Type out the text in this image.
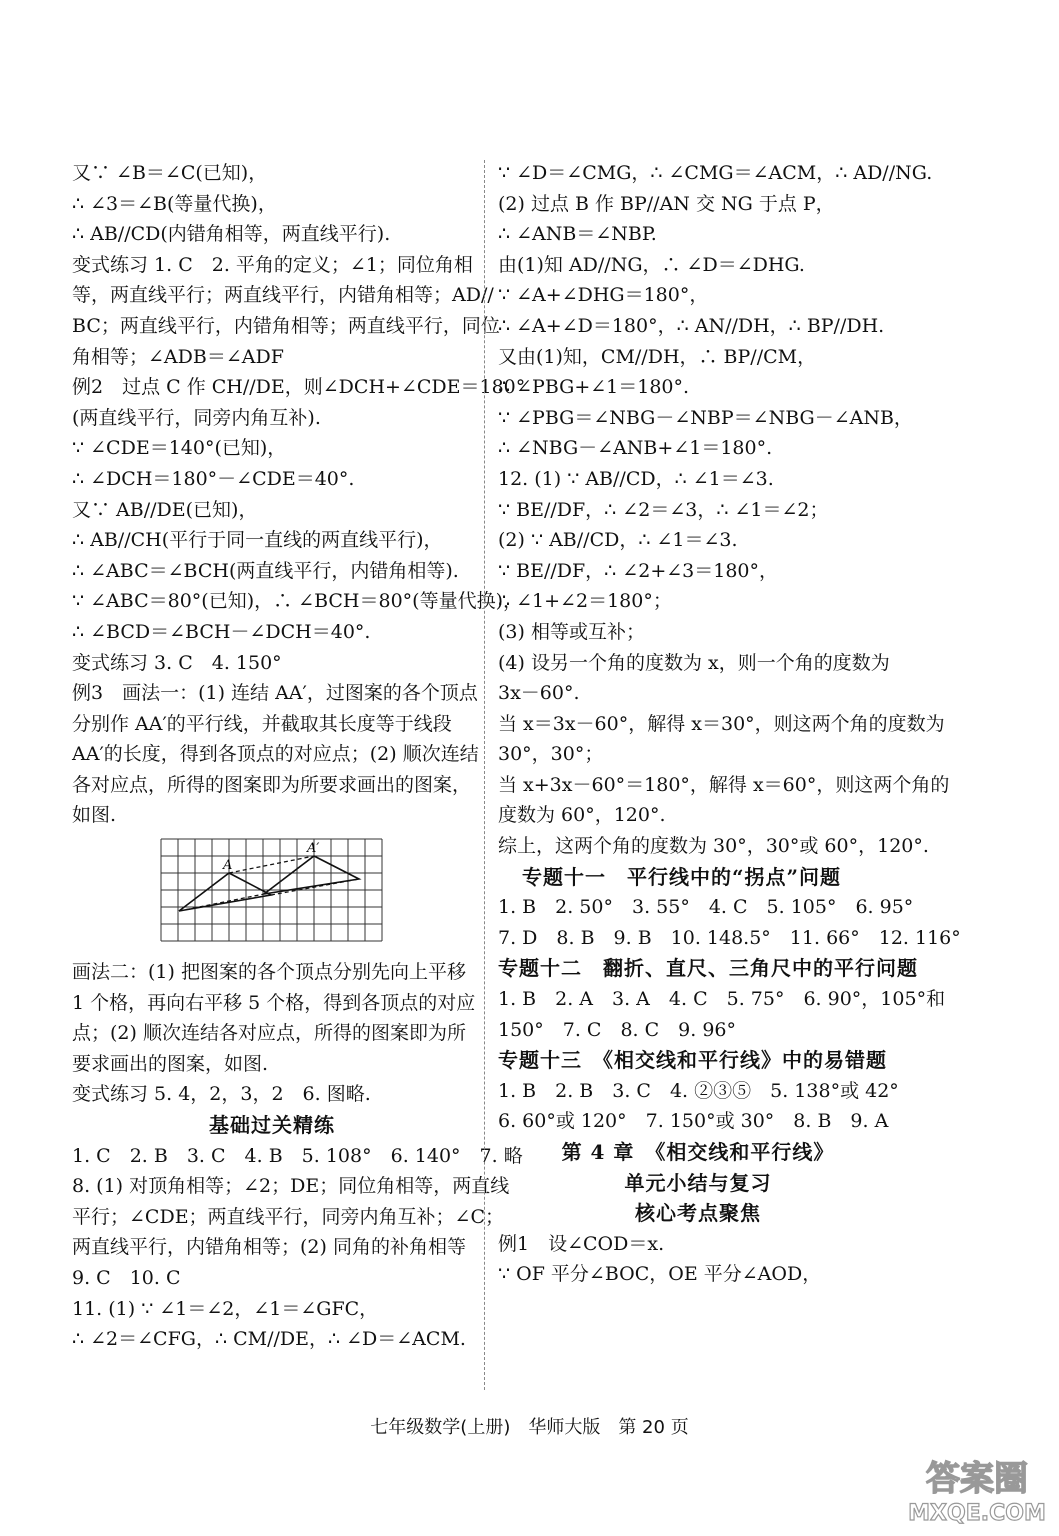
又∵ ∠B＝∠C(已知)，
∴ ∠3＝∠B(等量代换)，
∴ AB//CD(内错角相等，两直线平行).
变式练习 1. C　2. 平角的定义；∠1；同位角相
等，两直线平行；两直线平行，内错角相等；AD//
BC；两直线平行，内错角相等；两直线平行，同位
角相等；∠ADB＝∠ADF
例2　过点 C 作 CH//DE，则∠DCH+∠CDE＝180°
(两直线平行，同旁内角互补).
∵ ∠CDE＝140°(已知)，
∴ ∠DCH＝180°－∠CDE＝40°.
又∵ AB//DE(已知)，
∴ AB//CH(平行于同一直线的两直线平行)，
∴ ∠ABC＝∠BCH(两直线平行，内错角相等).
∵ ∠ABC＝80°(已知)，∴ ∠BCH＝80°(等量代换)，
∴ ∠BCD＝∠BCH－∠DCH＝40°.
变式练习 3. C　4. 150°
例3　画法一：(1) 连结 AA′，过图案的各个顶点
分别作 AA′的平行线，并截取其长度等于线段
AA′的长度，得到各顶点的对应点；(2) 顺次连结
各对应点，所得的图案即为所要求画出的图案，
如图.
A
A′
画法二：(1) 把图案的各个顶点分别先向上平移
1 个格，再向右平移 5 个格，得到各顶点的对应
点；(2) 顺次连结各对应点，所得的图案即为所
要求画出的图案，如图.
变式练习 5. 4，2，3，2　6. 图略.
基础过关精练
1. C　2. B　3. C　4. B　5. 108°　6. 140°　7. 略
8. (1) 对顶角相等；∠2；DE；同位角相等，两直线
平行；∠CDE；两直线平行，同旁内角互补；∠C；
两直线平行，内错角相等；(2) 同角的补角相等
9. C　10. C
11. (1) ∵ ∠1＝∠2，∠1＝∠GFC，
∴ ∠2＝∠CFG，∴ CM//DE，∴ ∠D＝∠ACM.
∵ ∠D＝∠CMG，∴ ∠CMG＝∠ACM，∴ AD//NG.
(2) 过点 B 作 BP//AN 交 NG 于点 P，
∴ ∠ANB＝∠NBP.
由(1)知 AD//NG，∴ ∠D＝∠DHG.
∵ ∠A+∠DHG＝180°，
∴ ∠A+∠D＝180°，∴ AN//DH，∴ BP//DH.
又由(1)知，CM//DH，∴ BP//CM，
∴ ∠PBG+∠1＝180°.
∵ ∠PBG＝∠NBG－∠NBP＝∠NBG－∠ANB，
∴ ∠NBG－∠ANB+∠1＝180°.
12. (1) ∵ AB//CD，∴ ∠1＝∠3.
∵ BE//DF，∴ ∠2＝∠3，∴ ∠1＝∠2；
(2) ∵ AB//CD，∴ ∠1＝∠3.
∵ BE//DF，∴ ∠2+∠3＝180°，
∴ ∠1+∠2＝180°；
(3) 相等或互补；
(4) 设另一个角的度数为 x，则一个角的度数为
3x－60°.
当 x＝3x－60°，解得 x＝30°，则这两个角的度数为
30°，30°；
当 x+3x－60°＝180°，解得 x＝60°，则这两个角的
度数为 60°，120°.
综上，这两个角的度数为 30°，30°或 60°，120°.
专题十一　平行线中的“拐点”问题
1. B　2. 50°　3. 55°　4. C　5. 105°　6. 95°
7. D　8. B　9. B　10. 148.5°　11. 66°　12. 116°
专题十二　翻折、直尺、三角尺中的平行问题
1. B　2. A　3. A　4. C　5. 75°　6. 90°，105°和
150°　7. C　8. C　9. 96°
专题十三　《相交线和平行线》中的易错题
1. B　2. B　3. C　4. ②③⑤　5. 138°或 42°
6. 60°或 120°　7. 150°或 30°　8. B　9. A
第 4 章　《相交线和平行线》
单元小结与复习
核心考点聚焦
例1　设∠COD＝x.
∵ OF 平分∠BOC，OE 平分∠AOD，
七年级数学(上册)　华师大版　第 20 页
答案圈
MXQE.COM
